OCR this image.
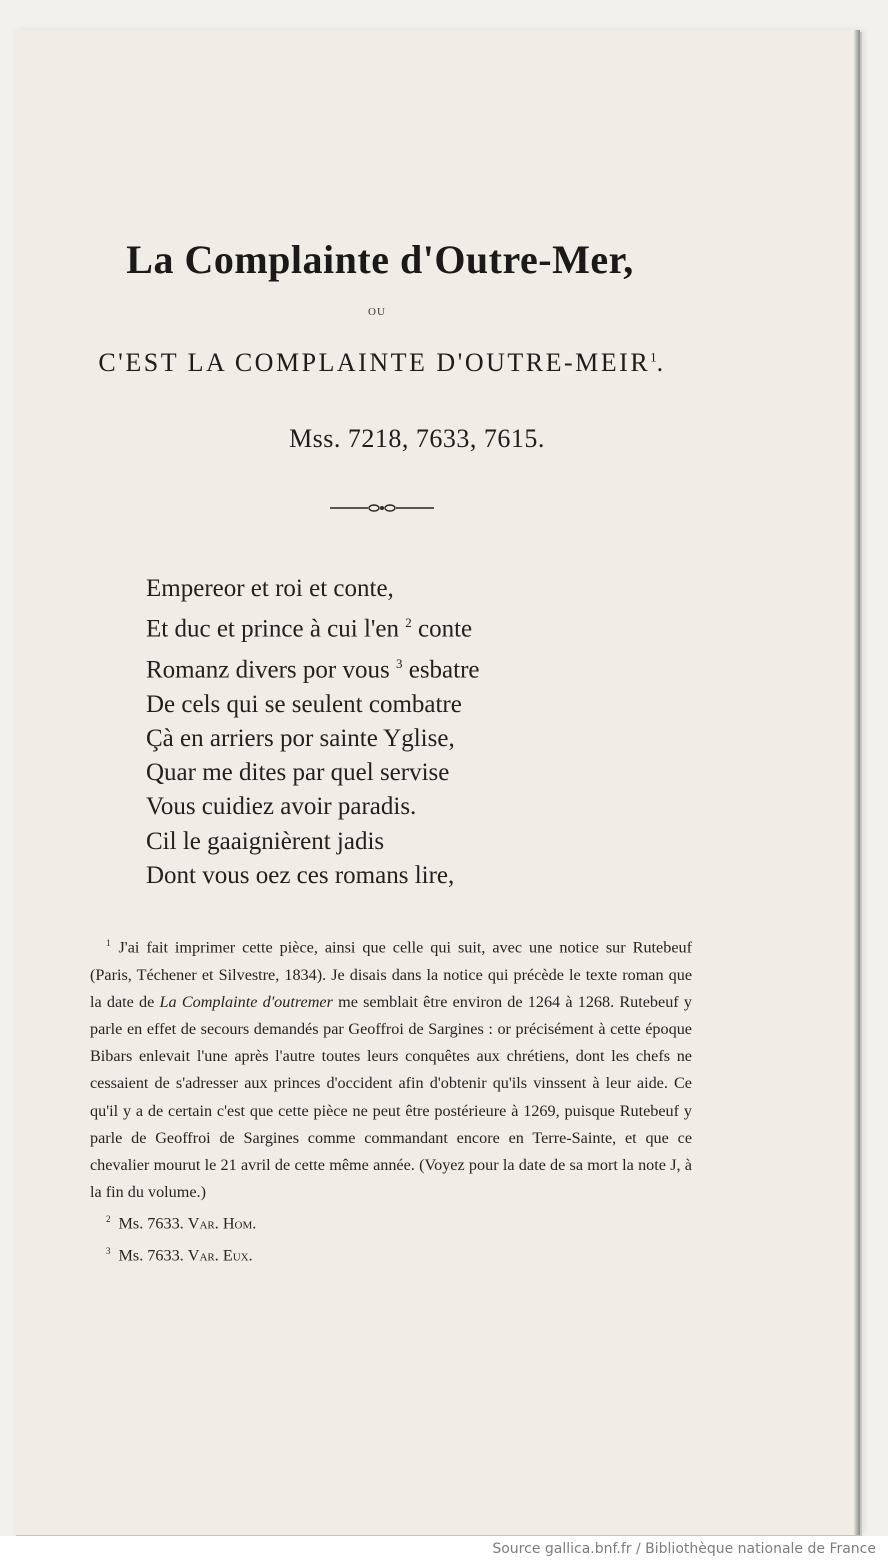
La Complainte d'Outre-Mer,
OU
C'EST LA COMPLAINTE D'OUTRE-MEIR$^1$.
Mss. 7218, 7633, 7615.
Empereor et roi et conte,
Et duc et prince à cui l'en $^2$ conte
Romanz divers por vous $^3$ esbatre
De cels qui se seulent combatre
Çà en arriers por sainte Yglise,
Quar me dites par quel servise
Vous cuidiez avoir paradis.
Cil le gaaignièrent jadis
Dont vous oez ces romans lire,
$^1$ J'ai fait imprimer cette pièce, ainsi que celle qui suit, avec une notice sur Rutebeuf (Paris, Téchener et Silvestre, 1834). Je disais dans la notice qui précède le texte roman que la date de La Complainte d'outremer me semblait être environ de 1264 à 1268. Rutebeuf y parle en effet de secours demandés par Geoffroi de Sargines : or précisément à cette époque Bibars enlevait l'une après l'autre toutes leurs conquêtes aux chrétiens, dont les chefs ne cessaient de s'adresser aux princes d'occident afin d'obtenir qu'ils vinssent à leur aide. Ce qu'il y a de certain c'est que cette pièce ne peut être postérieure à 1269, puisque Rutebeuf y parle de Geoffroi de Sargines comme commandant encore en Terre-Sainte, et que ce chevalier mourut le 21 avril de cette même année. (Voyez pour la date de sa mort la note J, à la fin du volume.)
$^2$ Ms. 7633. Var. Hom.
$^3$ Ms. 7633. Var. Eux.
Source gallica.bnf.fr / Bibliothèque nationale de France
